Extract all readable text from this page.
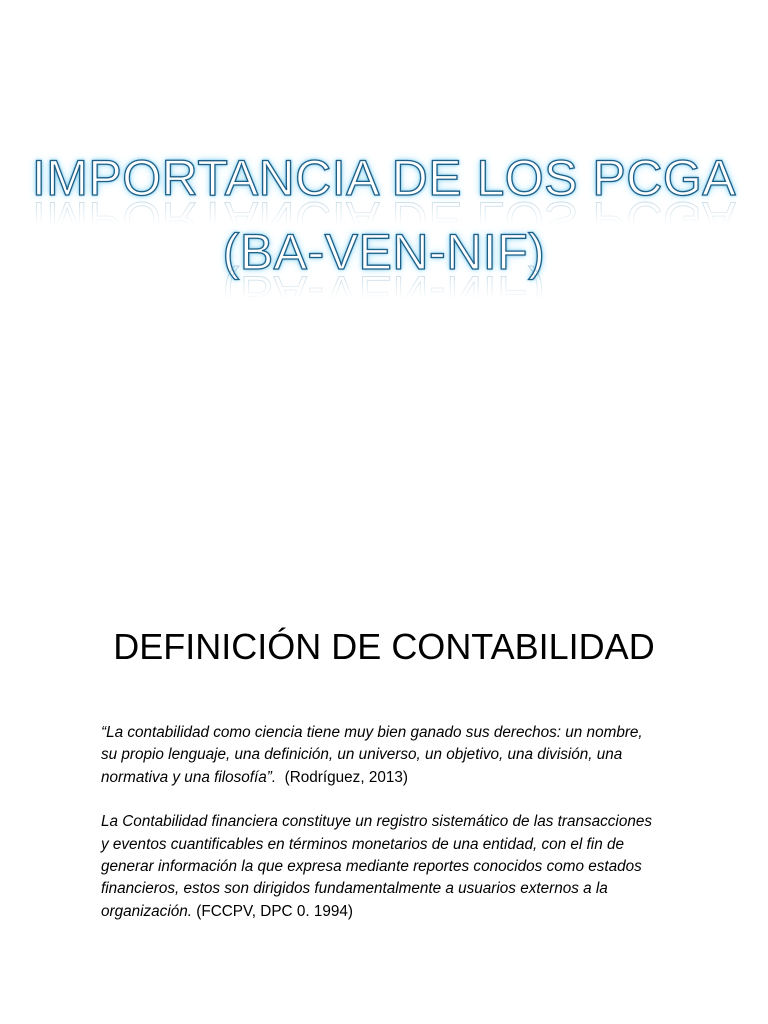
IMPORTANCIA DE LOS PCGA IMPORTANCIA DE LOS PCGA
(BA-VEN-NIF) (BA-VEN-NIF)
DEFINICIÓN DE CONTABILIDAD

“La contabilidad como ciencia tiene muy bien ganado sus derechos: un nombre, su propio lenguaje, una definición, un universo, un objetivo, una división, una normativa y una filosofía”. (Rodríguez, 2013)

La Contabilidad financiera constituye un registro sistemático de las transacciones y eventos cuantificables en términos monetarios de una entidad, con el fin de generar información la que expresa mediante reportes conocidos como estados financieros, estos son dirigidos fundamentalmente a usuarios externos a la organización. (FCCPV, DPC 0. 1994)
